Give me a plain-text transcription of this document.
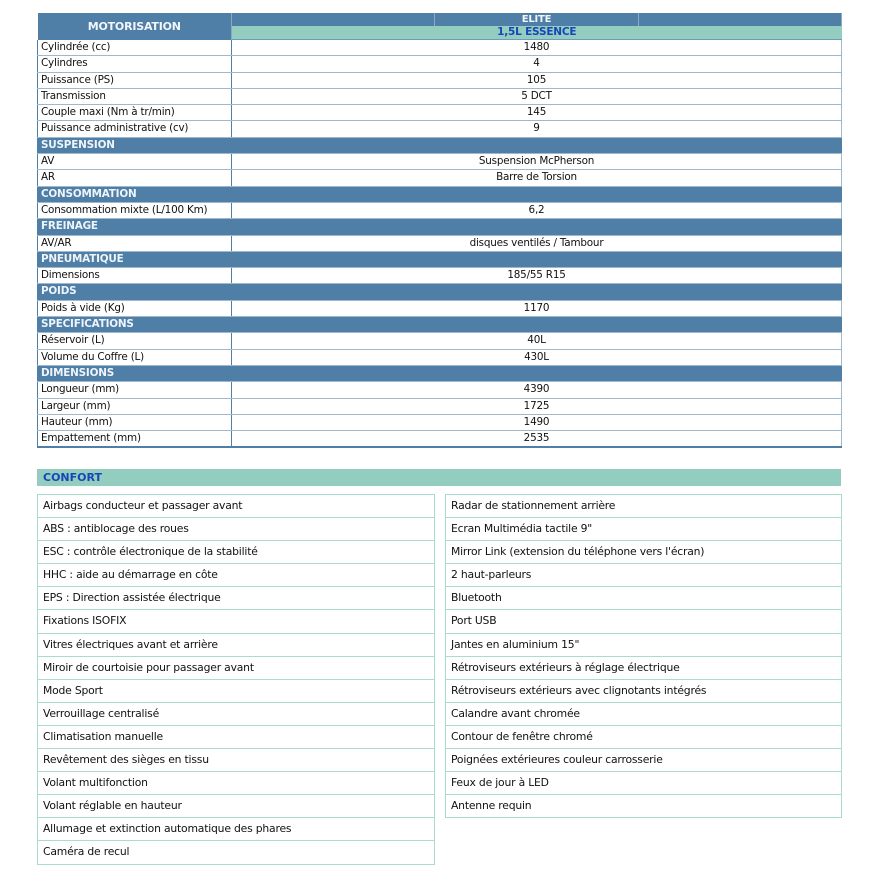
MOTORISATION		ELITE	
	1,5L ESSENCE		
Cylindrée (cc)	1480		
Cylindres	4		
Puissance (PS)	105		
Transmission	5 DCT		
Couple maxi (Nm à tr/min)	145		
Puissance administrative (cv)	9		
SUSPENSION			
AV	Suspension McPherson		
AR	Barre de Torsion		
CONSOMMATION			
Consommation mixte (L/100 Km)	6,2		
FREINAGE			
AV/AR	disques ventilés / Tambour		
PNEUMATIQUE			
Dimensions	185/55 R15		
POIDS			
Poids à vide (Kg)	1170		
SPECIFICATIONS			
Réservoir (L)	40L		
Volume du Coffre (L)	430L		
DIMENSIONS			
Longueur (mm)	4390		
Largeur (mm)	1725		
Hauteur (mm)	1490		
Empattement (mm)	2535		
CONFORT
Airbags conducteur et passager avant
ABS : antiblocage des roues
ESC : contrôle électronique de la stabilité
HHC : aide au démarrage en côte
EPS : Direction assistée électrique
Fixations ISOFIX
Vitres électriques avant et arrière
Miroir de courtoisie pour passager avant
Mode Sport
Verrouillage centralisé
Climatisation manuelle
Revêtement des sièges en tissu
Volant multifonction
Volant réglable en hauteur
Allumage et extinction automatique des phares
Caméra de recul
Radar de stationnement arrière
Ecran Multimédia tactile 9"
Mirror Link (extension du téléphone vers l'écran)
2 haut-parleurs
Bluetooth
Port USB
Jantes en aluminium 15"
Rétroviseurs extérieurs à réglage électrique
Rétroviseurs extérieurs avec clignotants intégrés
Calandre avant chromée
Contour de fenêtre chromé
Poignées extérieures couleur carrosserie
Feux de jour à LED
Antenne requin
